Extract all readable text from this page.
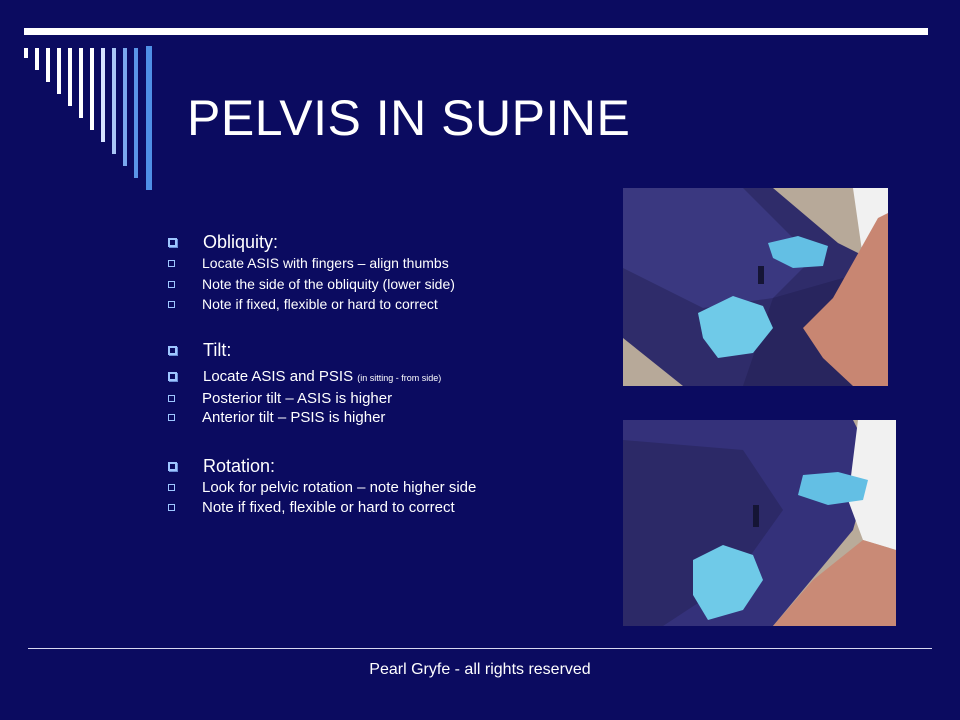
PELVIS IN SUPINE
Obliquity:
Locate ASIS with fingers – align thumbs
Note the side of the obliquity (lower side)
Note if fixed, flexible or hard to correct
Tilt:
Locate ASIS and PSIS (in sitting - from side)
Posterior tilt – ASIS is higher
Anterior tilt – PSIS is higher
Rotation:
Look for pelvic rotation – note higher side
Note if fixed, flexible or hard to correct
Pearl Gryfe - all rights reserved
